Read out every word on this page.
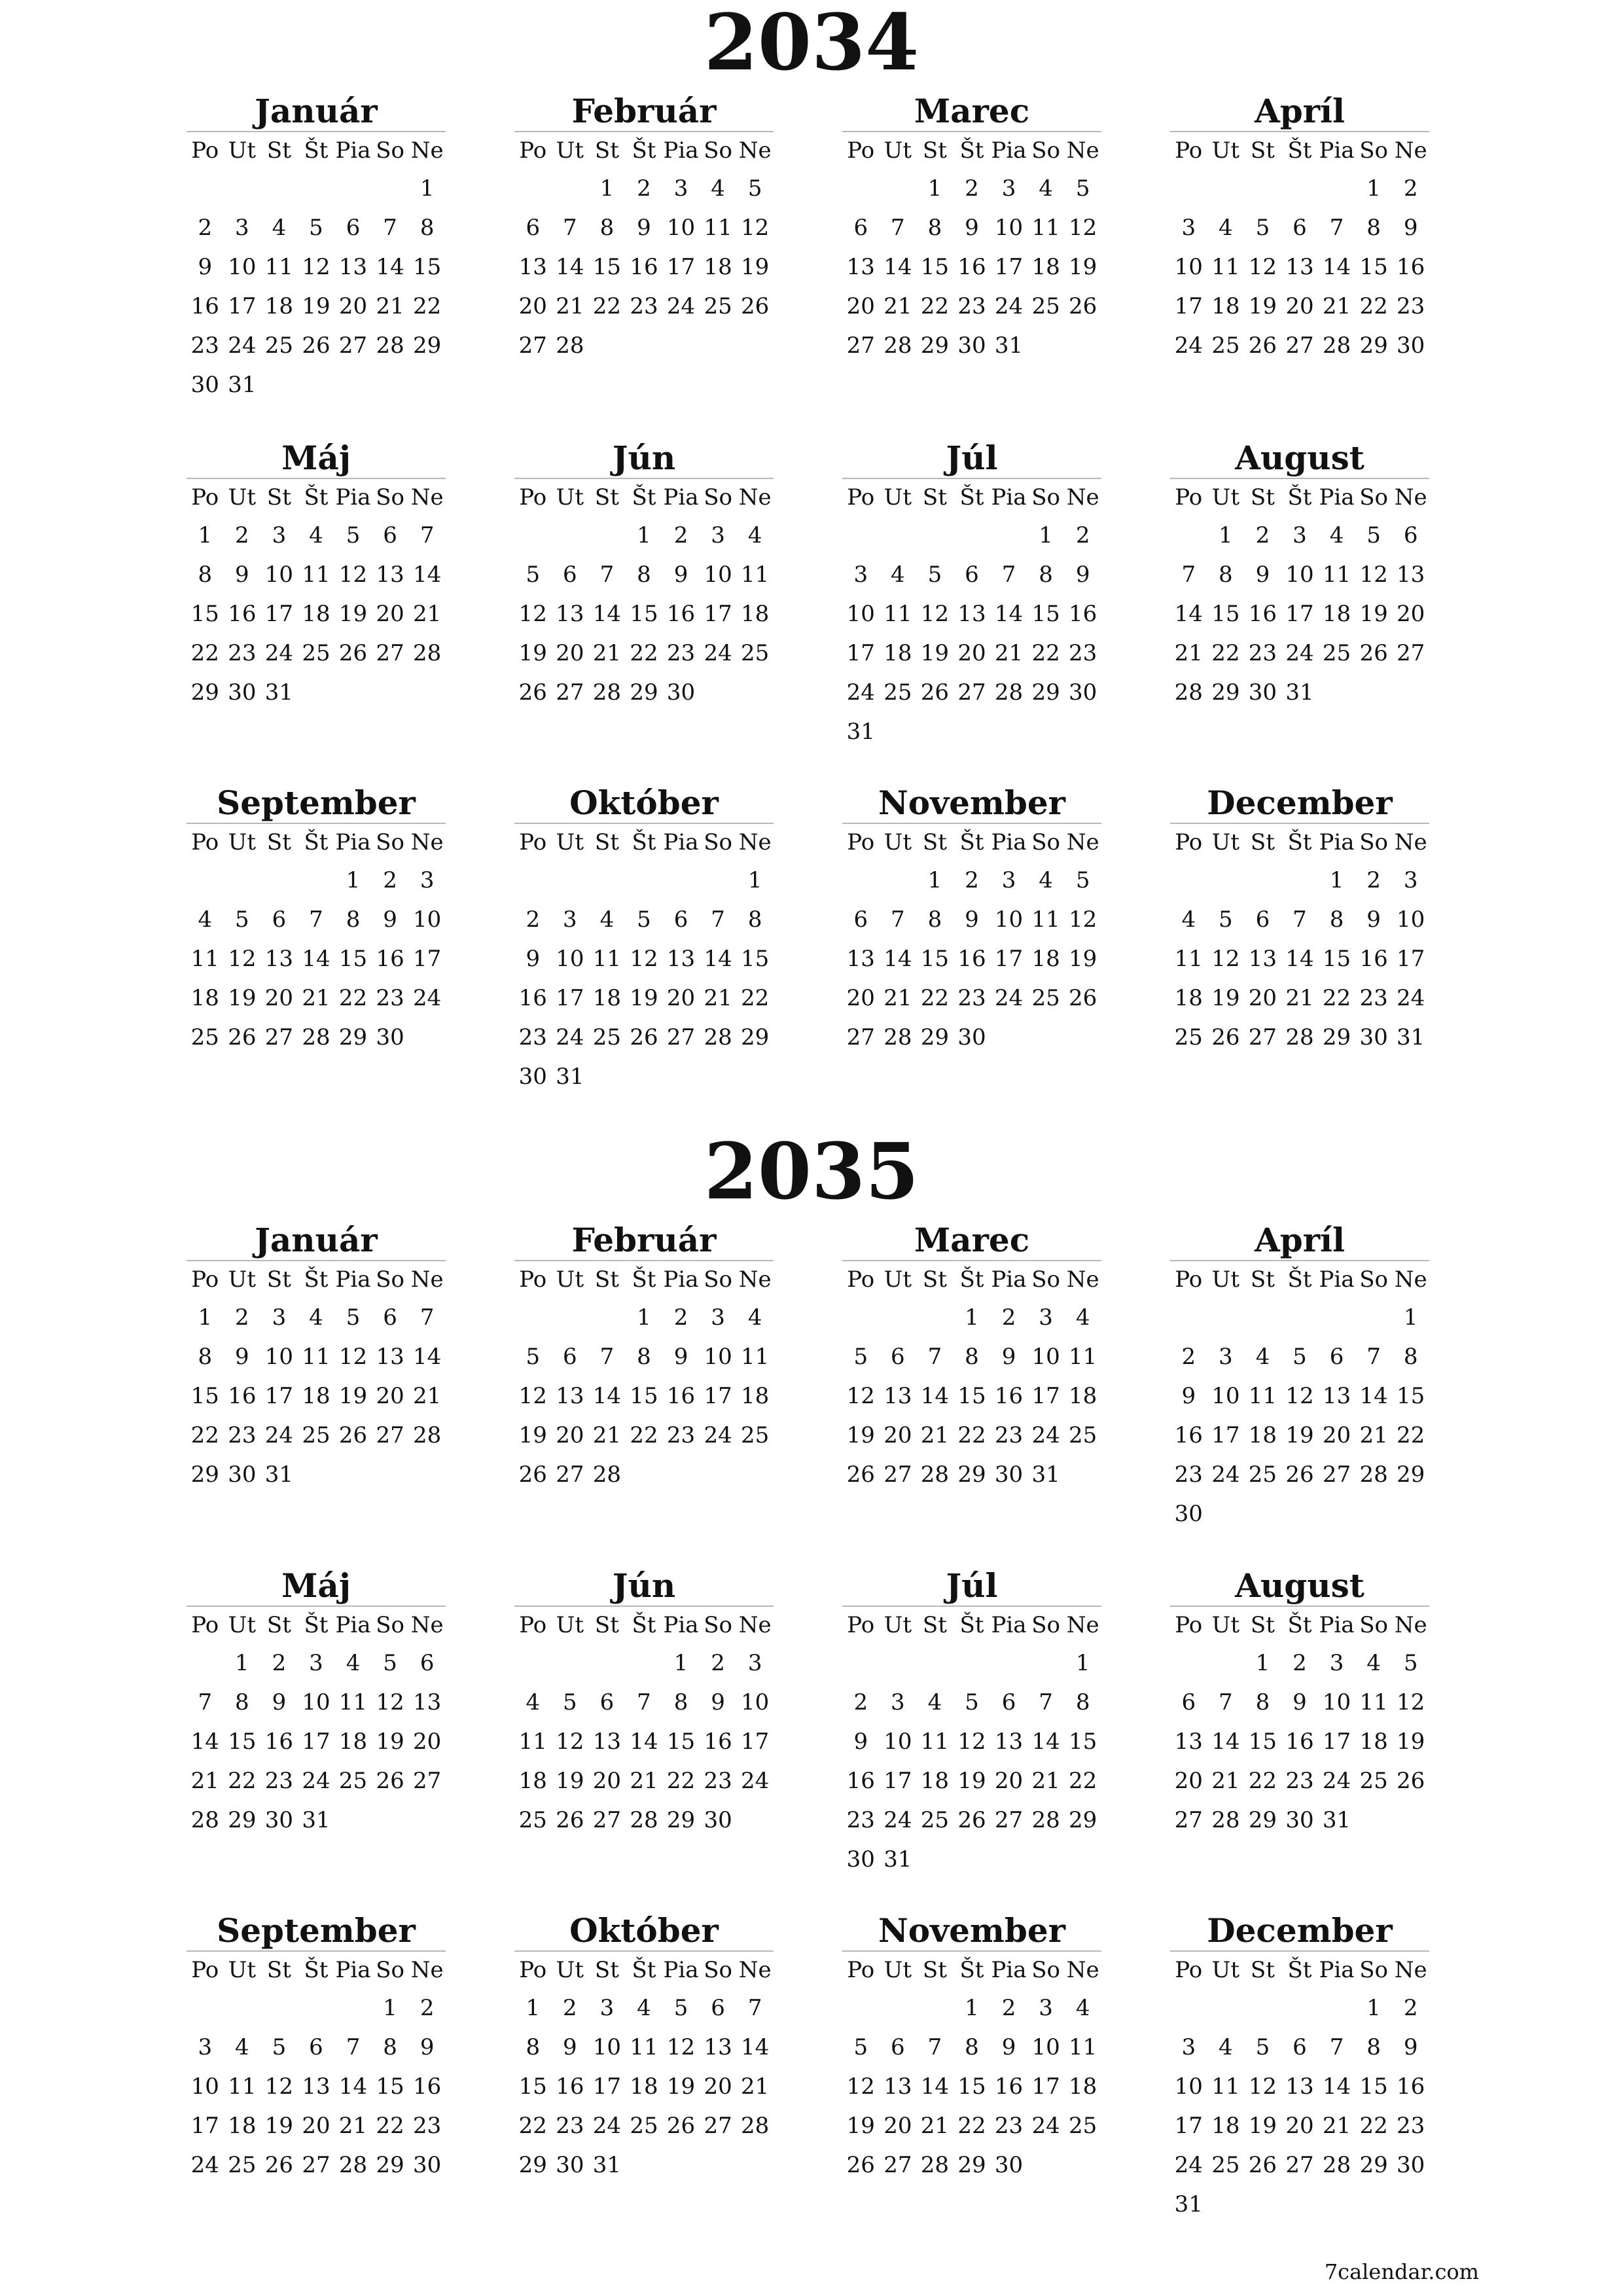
2034
Január
Po	Ut	St	Št	Pia	So	Ne
						1
2	3	4	5	6	7	8
9	10	11	12	13	14	15
16	17	18	19	20	21	22
23	24	25	26	27	28	29
30	31					
Február
Po	Ut	St	Št	Pia	So	Ne
		1	2	3	4	5
6	7	8	9	10	11	12
13	14	15	16	17	18	19
20	21	22	23	24	25	26
27	28					
Marec
Po	Ut	St	Št	Pia	So	Ne
		1	2	3	4	5
6	7	8	9	10	11	12
13	14	15	16	17	18	19
20	21	22	23	24	25	26
27	28	29	30	31		
Apríl
Po	Ut	St	Št	Pia	So	Ne
					1	2
3	4	5	6	7	8	9
10	11	12	13	14	15	16
17	18	19	20	21	22	23
24	25	26	27	28	29	30
Máj
Po	Ut	St	Št	Pia	So	Ne
1	2	3	4	5	6	7
8	9	10	11	12	13	14
15	16	17	18	19	20	21
22	23	24	25	26	27	28
29	30	31				
Jún
Po	Ut	St	Št	Pia	So	Ne
			1	2	3	4
5	6	7	8	9	10	11
12	13	14	15	16	17	18
19	20	21	22	23	24	25
26	27	28	29	30		
Júl
Po	Ut	St	Št	Pia	So	Ne
					1	2
3	4	5	6	7	8	9
10	11	12	13	14	15	16
17	18	19	20	21	22	23
24	25	26	27	28	29	30
31						
August
Po	Ut	St	Št	Pia	So	Ne
	1	2	3	4	5	6
7	8	9	10	11	12	13
14	15	16	17	18	19	20
21	22	23	24	25	26	27
28	29	30	31			
September
Po	Ut	St	Št	Pia	So	Ne
				1	2	3
4	5	6	7	8	9	10
11	12	13	14	15	16	17
18	19	20	21	22	23	24
25	26	27	28	29	30	
Október
Po	Ut	St	Št	Pia	So	Ne
						1
2	3	4	5	6	7	8
9	10	11	12	13	14	15
16	17	18	19	20	21	22
23	24	25	26	27	28	29
30	31					
November
Po	Ut	St	Št	Pia	So	Ne
		1	2	3	4	5
6	7	8	9	10	11	12
13	14	15	16	17	18	19
20	21	22	23	24	25	26
27	28	29	30			
December
Po	Ut	St	Št	Pia	So	Ne
				1	2	3
4	5	6	7	8	9	10
11	12	13	14	15	16	17
18	19	20	21	22	23	24
25	26	27	28	29	30	31
2035
Január
Po	Ut	St	Št	Pia	So	Ne
1	2	3	4	5	6	7
8	9	10	11	12	13	14
15	16	17	18	19	20	21
22	23	24	25	26	27	28
29	30	31				
Február
Po	Ut	St	Št	Pia	So	Ne
			1	2	3	4
5	6	7	8	9	10	11
12	13	14	15	16	17	18
19	20	21	22	23	24	25
26	27	28				
Marec
Po	Ut	St	Št	Pia	So	Ne
			1	2	3	4
5	6	7	8	9	10	11
12	13	14	15	16	17	18
19	20	21	22	23	24	25
26	27	28	29	30	31	
Apríl
Po	Ut	St	Št	Pia	So	Ne
						1
2	3	4	5	6	7	8
9	10	11	12	13	14	15
16	17	18	19	20	21	22
23	24	25	26	27	28	29
30						
Máj
Po	Ut	St	Št	Pia	So	Ne
	1	2	3	4	5	6
7	8	9	10	11	12	13
14	15	16	17	18	19	20
21	22	23	24	25	26	27
28	29	30	31			
Jún
Po	Ut	St	Št	Pia	So	Ne
				1	2	3
4	5	6	7	8	9	10
11	12	13	14	15	16	17
18	19	20	21	22	23	24
25	26	27	28	29	30	
Júl
Po	Ut	St	Št	Pia	So	Ne
						1
2	3	4	5	6	7	8
9	10	11	12	13	14	15
16	17	18	19	20	21	22
23	24	25	26	27	28	29
30	31					
August
Po	Ut	St	Št	Pia	So	Ne
		1	2	3	4	5
6	7	8	9	10	11	12
13	14	15	16	17	18	19
20	21	22	23	24	25	26
27	28	29	30	31		
September
Po	Ut	St	Št	Pia	So	Ne
					1	2
3	4	5	6	7	8	9
10	11	12	13	14	15	16
17	18	19	20	21	22	23
24	25	26	27	28	29	30
Október
Po	Ut	St	Št	Pia	So	Ne
1	2	3	4	5	6	7
8	9	10	11	12	13	14
15	16	17	18	19	20	21
22	23	24	25	26	27	28
29	30	31				
November
Po	Ut	St	Št	Pia	So	Ne
			1	2	3	4
5	6	7	8	9	10	11
12	13	14	15	16	17	18
19	20	21	22	23	24	25
26	27	28	29	30		
December
Po	Ut	St	Št	Pia	So	Ne
					1	2
3	4	5	6	7	8	9
10	11	12	13	14	15	16
17	18	19	20	21	22	23
24	25	26	27	28	29	30
31						
7calendar.com
